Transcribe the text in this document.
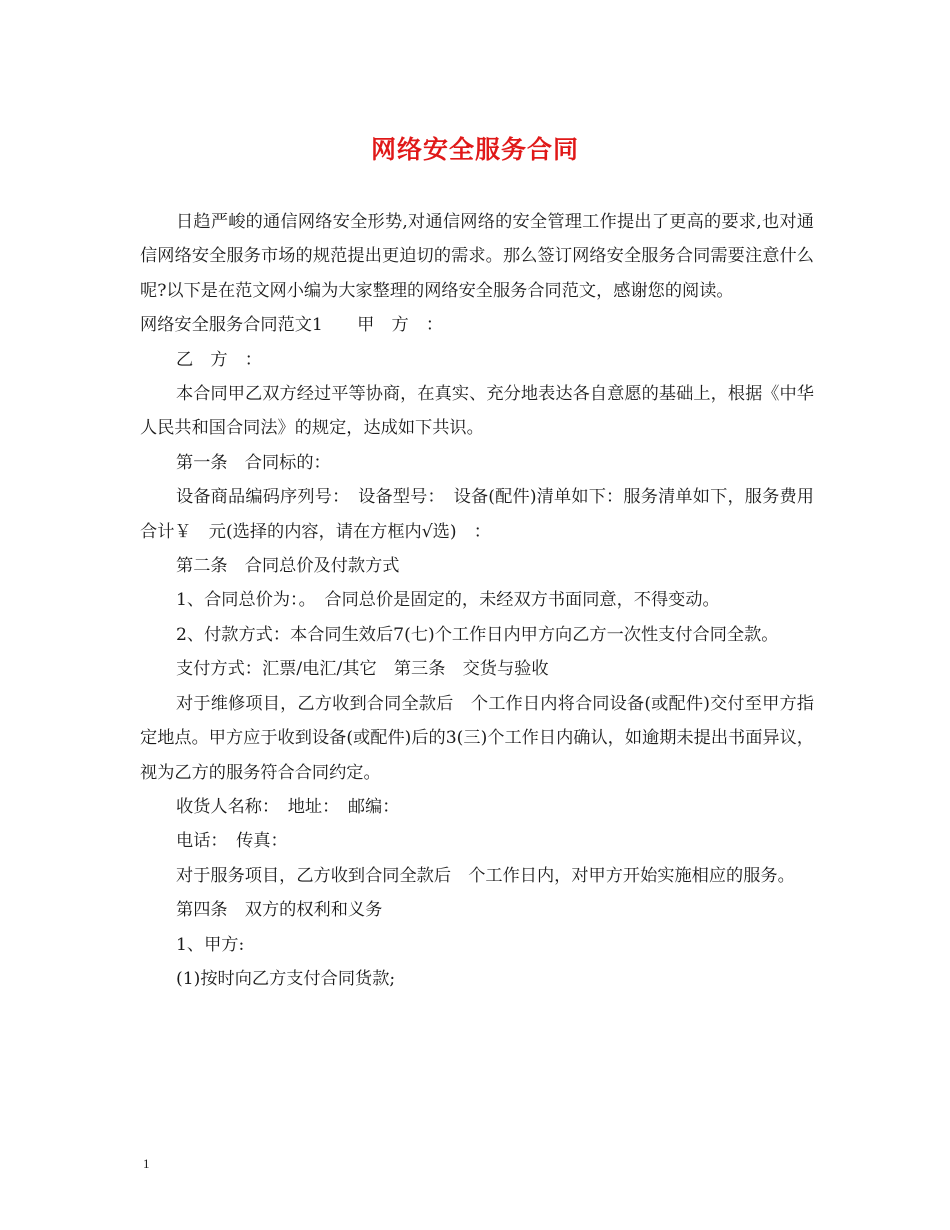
网络安全服务合同

日趋严峻的通信网络安全形势,对通信网络的安全管理工作提出了更高的要求,也对通信网络安全服务市场的规范提出更迫切的需求。那么签订网络安全服务合同需要注意什么呢?以下是在范文网小编为大家整理的网络安全服务合同范文，感谢您的阅读。

网络安全服务合同范文1　　甲　方　：

乙　方　：

本合同甲乙双方经过平等协商，在真实、充分地表达各自意愿的基础上，根据《中华人民共和国合同法》的规定，达成如下共识。

第一条　合同标的：

设备商品编码序列号：　设备型号：　设备(配件)清单如下：服务清单如下，服务费用合计￥　元(选择的内容，请在方框内√选)　：

第二条　合同总价及付款方式

1、合同总价为：。　合同总价是固定的，未经双方书面同意，不得变动。

2、付款方式：本合同生效后7(七)个工作日内甲方向乙方一次性支付合同全款。

支付方式：汇票/电汇/其它　第三条　交货与验收

对于维修项目，乙方收到合同全款后　个工作日内将合同设备(或配件)交付至甲方指定地点。甲方应于收到设备(或配件)后的3(三)个工作日内确认，如逾期未提出书面异议，视为乙方的服务符合合同约定。

收货人名称：　地址：　邮编：

电话：　传真：

对于服务项目，乙方收到合同全款后　个工作日内，对甲方开始实施相应的服务。

第四条　双方的权利和义务

1、甲方:

(1)按时向乙方支付合同货款;

1
